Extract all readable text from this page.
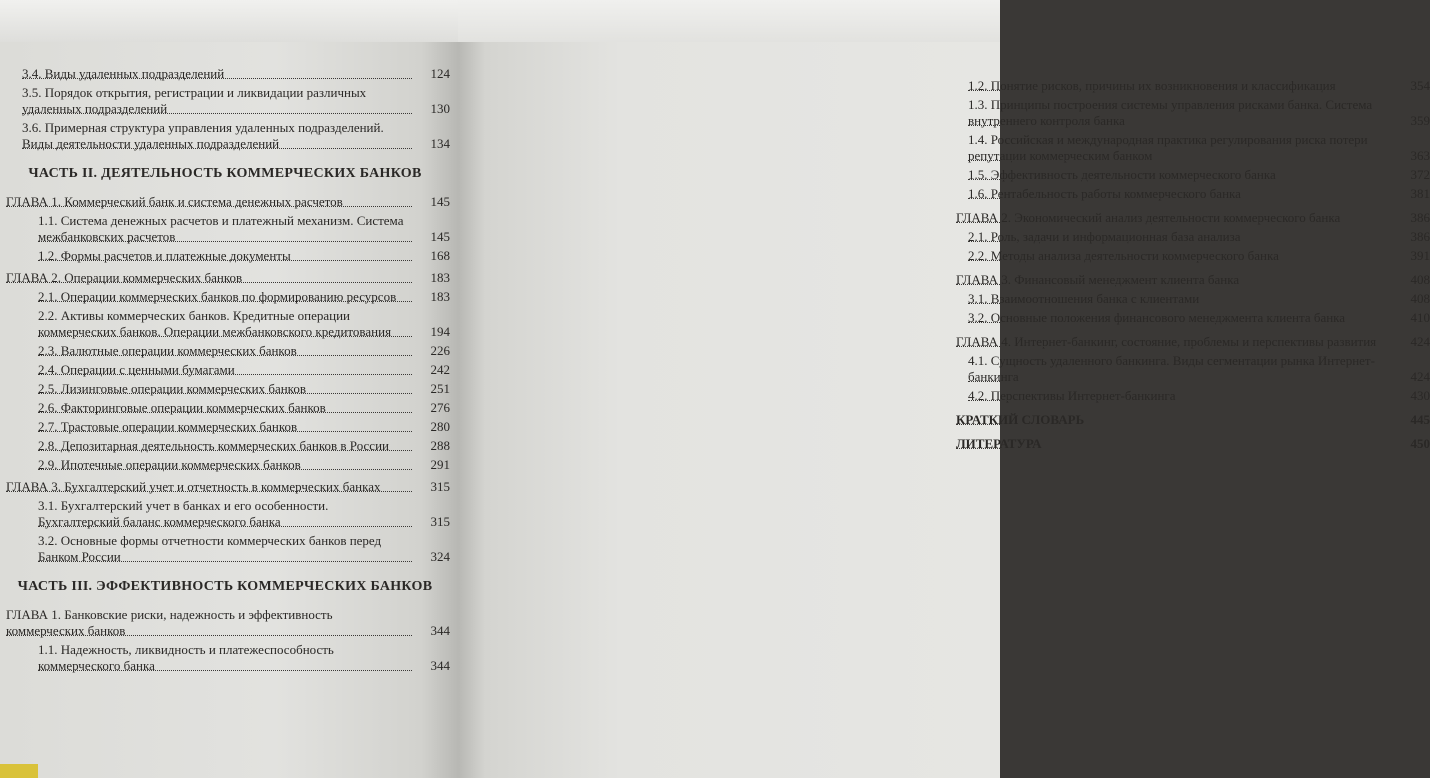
3.4. Виды удаленных подразделений	124
3.5. Порядок открытия, регистрации и ликвидации различных удаленных подразделений	130
3.6. Примерная структура управления удаленных подразделений. Виды деятельности удаленных подразделений	134
ЧАСТЬ II. ДЕЯТЕЛЬНОСТЬ КОММЕРЧЕСКИХ БАНКОВ
ГЛАВА 1. Коммерческий банк и система денежных расчетов	145
1.1. Система денежных расчетов и платежный механизм. Система межбанковских расчетов	145
1.2. Формы расчетов и платежные документы	168
ГЛАВА 2. Операции коммерческих банков	183
2.1. Операции коммерческих банков по формированию ресурсов	183
2.2. Активы коммерческих банков. Кредитные операции коммерческих банков. Операции межбанковского кредитования	194
2.3. Валютные операции коммерческих банков	226
2.4. Операции с ценными бумагами	242
2.5. Лизинговые операции коммерческих банков	251
2.6. Факторинговые операции коммерческих банков	276
2.7. Трастовые операции коммерческих банков	280
2.8. Депозитарная деятельность коммерческих банков в России	288
2.9. Ипотечные операции коммерческих банков	291
ГЛАВА 3. Бухгалтерский учет и отчетность в коммерческих банках	315
3.1. Бухгалтерский учет в банках и его особенности. Бухгалтерский баланс коммерческого банка	315
3.2. Основные формы отчетности коммерческих банков перед Банком России	324
ЧАСТЬ III. ЭФФЕКТИВНОСТЬ КОММЕРЧЕСКИХ БАНКОВ
ГЛАВА 1. Банковские риски, надежность и эффективность коммерческих банков	344
1.1. Надежность, ликвидность и платежеспособность коммерческого банка	344
1.2. Понятие рисков, причины их возникновения и классификация	354
1.3. Принципы построения системы управления рисками банка. Система внутреннего контроля банка	359
1.4. Российская и международная практика регулирования риска потери репутации коммерческим банком	363
1.5. Эффективность деятельности коммерческого банка	372
1.6. Рентабельность работы коммерческого банка	381
ГЛАВА 2. Экономический анализ деятельности коммерческого банка	386
2.1. Роль, задачи и информационная база анализа	386
2.2. Методы анализа деятельности коммерческого банка	391
ГЛАВА 3. Финансовый менеджмент клиента банка	408
3.1. Взаимоотношения банка с клиентами	408
3.2. Основные положения финансового менеджмента клиента банка	410
ГЛАВА 4. Интернет-банкинг, состояние, проблемы и перспективы развития	424
4.1. Сущность удаленного банкинга. Виды сегментации рынка Интернет-банкинга	424
4.2. Перспективы Интернет-банкинга	430
КРАТКИЙ СЛОВАРЬ	445
ЛИТЕРАТУРА	450
